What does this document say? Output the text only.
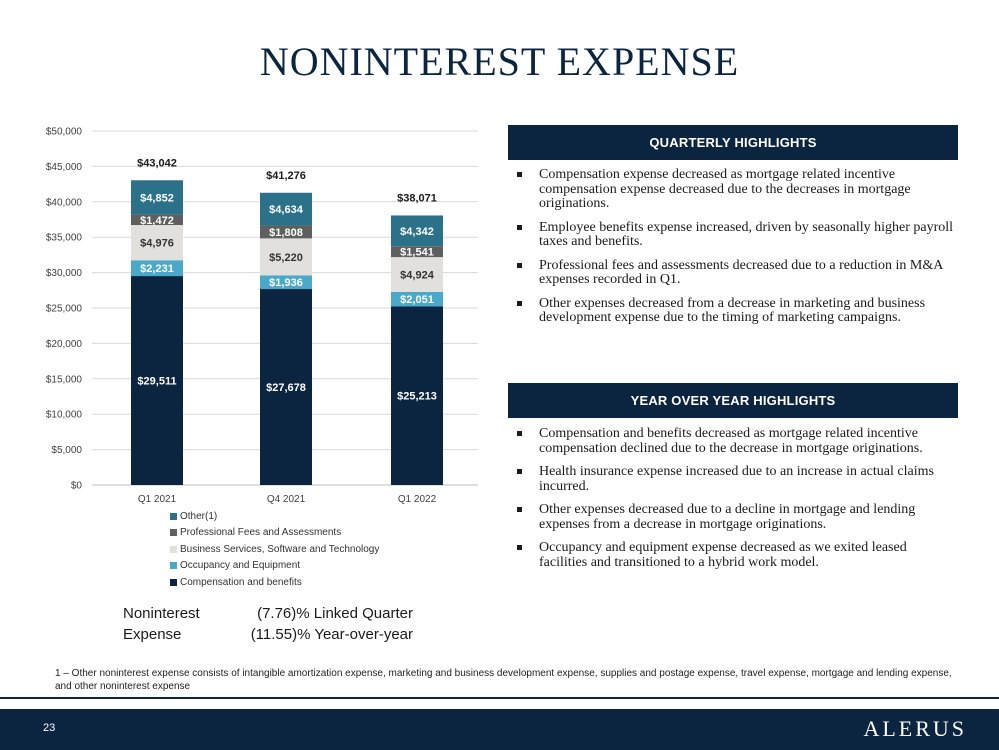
NONINTEREST EXPENSE
$0
$5,000
$10,000
$15,000
$20,000
$25,000
$30,000
$35,000
$40,000
$45,000
$50,000
$29,511
$2,231
$4,976
$1,472
$4,852
$43,042
Q1 2021
$27,678
$1,936
$5,220
$1,808
$4,634
$41,276
Q4 2021
$25,213
$2,051
$4,924
$1,541
$4,342
$38,071
Q1 2022
Other(1)
Professional Fees and Assessments
Business Services, Software and Technology
Occupancy and Equipment
Compensation and benefits
Noninterest	(7.76)% Linked Quarter
Expense	(11.55)% Year-over-year
QUARTERLY HIGHLIGHTS
Compensation expense decreased as mortgage related incentive compensation expense decreased due to the decreases in mortgage originations.
Employee benefits expense increased, driven by seasonally higher payroll taxes and benefits.
Professional fees and assessments decreased due to a reduction in M&A expenses recorded in Q1.
Other expenses decreased from a decrease in marketing and business development expense due to the timing of marketing campaigns.
YEAR OVER YEAR HIGHLIGHTS
Compensation and benefits decreased as mortgage related incentive compensation declined due to the decrease in mortgage originations.
Health insurance expense increased due to an increase in actual claims incurred.
Other expenses decreased due to a decline in mortgage and lending expenses from a decrease in mortgage originations.
Occupancy and equipment expense decreased as we exited leased facilities and transitioned to a hybrid work model.
1 – Other noninterest expense consists of intangible amortization expense, marketing and business development expense, supplies and postage expense, travel expense, mortgage and lending expense, and other noninterest expense
23	ALERUS
